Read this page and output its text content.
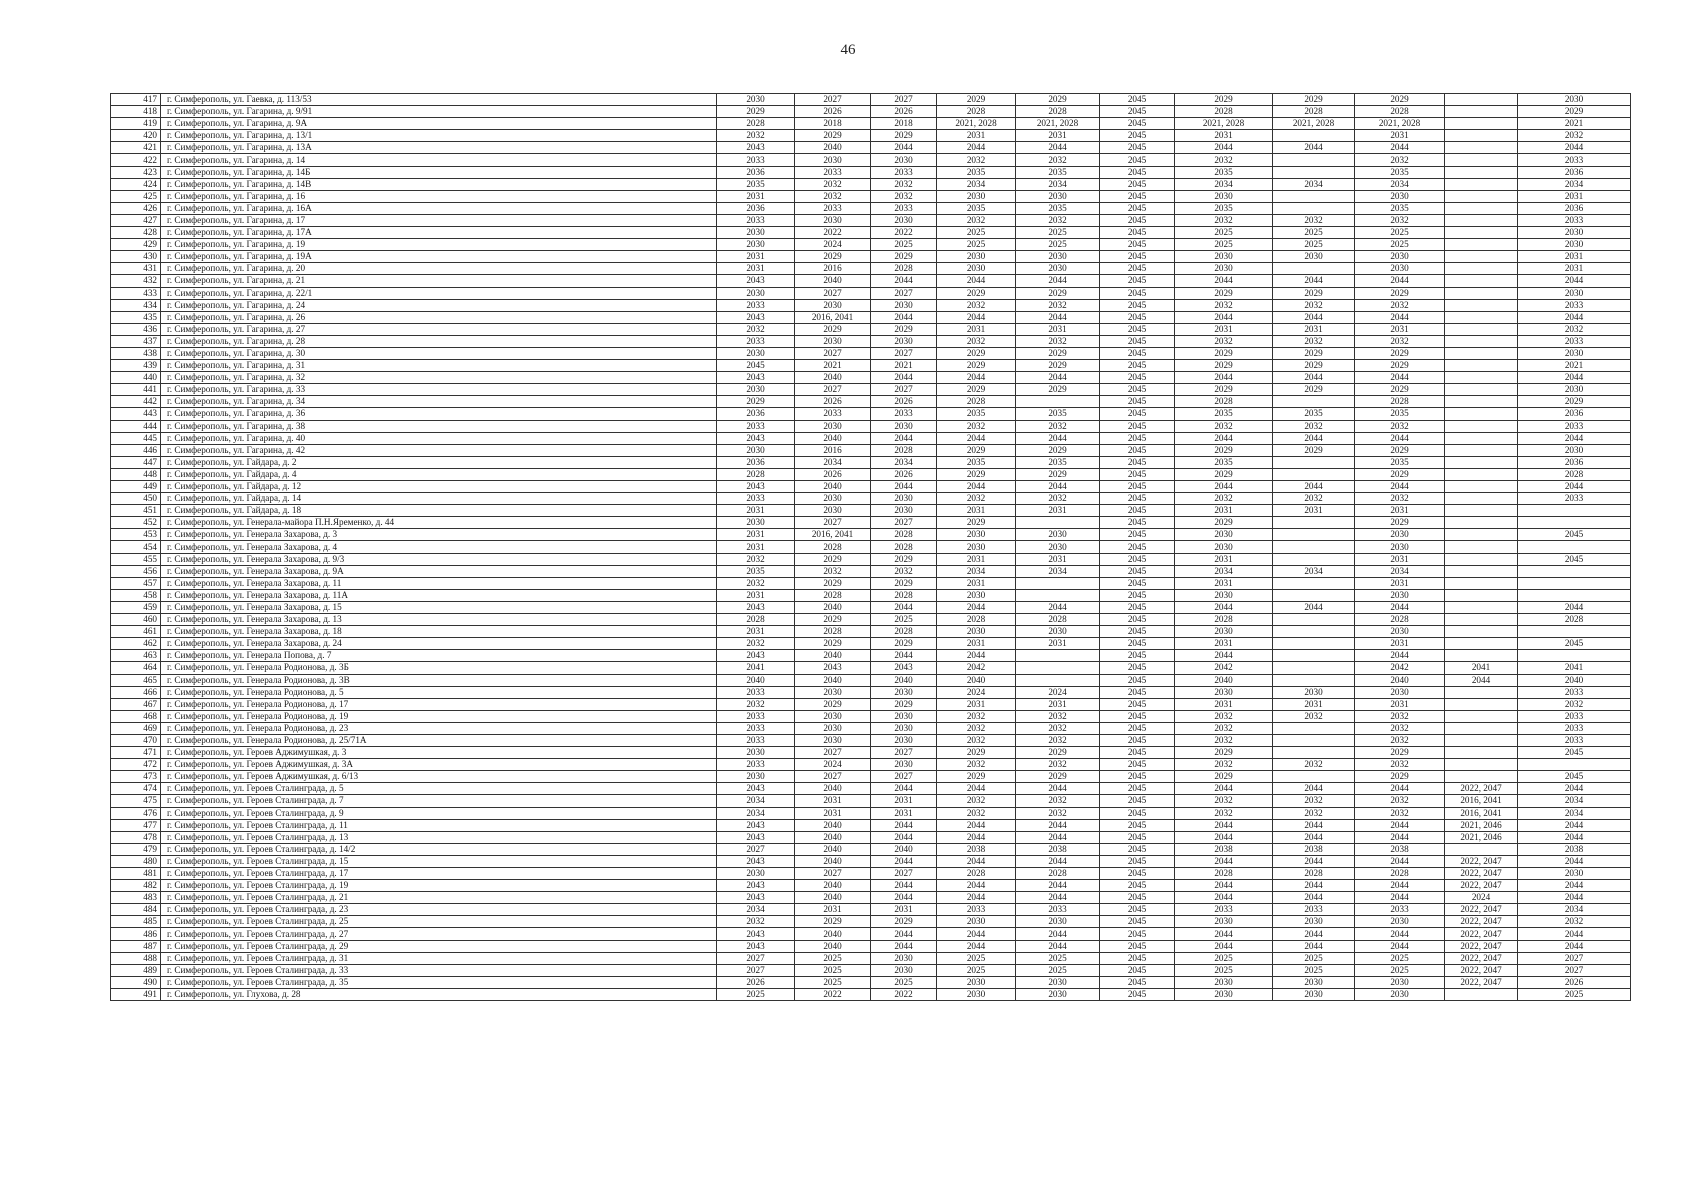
46
417	г. Симферополь, ул. Гаевка, д. 113/53	2030	2027	2027	2029	2029	2045	2029	2029	2029		2030
418	г. Симферополь, ул. Гагарина, д. 9/91	2029	2026	2026	2028	2028	2045	2028	2028	2028		2029
419	г. Симферополь, ул. Гагарина, д. 9А	2028	2018	2018	2021, 2028	2021, 2028	2045	2021, 2028	2021, 2028	2021, 2028		2021
420	г. Симферополь, ул. Гагарина, д. 13/1	2032	2029	2029	2031	2031	2045	2031		2031		2032
421	г. Симферополь, ул. Гагарина, д. 13А	2043	2040	2044	2044	2044	2045	2044	2044	2044		2044
422	г. Симферополь, ул. Гагарина, д. 14	2033	2030	2030	2032	2032	2045	2032		2032		2033
423	г. Симферополь, ул. Гагарина, д. 14Б	2036	2033	2033	2035	2035	2045	2035		2035		2036
424	г. Симферополь, ул. Гагарина, д. 14В	2035	2032	2032	2034	2034	2045	2034	2034	2034		2034
425	г. Симферополь, ул. Гагарина, д. 16	2031	2032	2032	2030	2030	2045	2030		2030		2031
426	г. Симферополь, ул. Гагарина, д. 16А	2036	2033	2033	2035	2035	2045	2035		2035		2036
427	г. Симферополь, ул. Гагарина, д. 17	2033	2030	2030	2032	2032	2045	2032	2032	2032		2033
428	г. Симферополь, ул. Гагарина, д. 17А	2030	2022	2022	2025	2025	2045	2025	2025	2025		2030
429	г. Симферополь, ул. Гагарина, д. 19	2030	2024	2025	2025	2025	2045	2025	2025	2025		2030
430	г. Симферополь, ул. Гагарина, д. 19А	2031	2029	2029	2030	2030	2045	2030	2030	2030		2031
431	г. Симферополь, ул. Гагарина, д. 20	2031	2016	2028	2030	2030	2045	2030		2030		2031
432	г. Симферополь, ул. Гагарина, д. 21	2043	2040	2044	2044	2044	2045	2044	2044	2044		2044
433	г. Симферополь, ул. Гагарина, д. 22/1	2030	2027	2027	2029	2029	2045	2029	2029	2029		2030
434	г. Симферополь, ул. Гагарина, д. 24	2033	2030	2030	2032	2032	2045	2032	2032	2032		2033
435	г. Симферополь, ул. Гагарина, д. 26	2043	2016, 2041	2044	2044	2044	2045	2044	2044	2044		2044
436	г. Симферополь, ул. Гагарина, д. 27	2032	2029	2029	2031	2031	2045	2031	2031	2031		2032
437	г. Симферополь, ул. Гагарина, д. 28	2033	2030	2030	2032	2032	2045	2032	2032	2032		2033
438	г. Симферополь, ул. Гагарина, д. 30	2030	2027	2027	2029	2029	2045	2029	2029	2029		2030
439	г. Симферополь, ул. Гагарина, д. 31	2045	2021	2021	2029	2029	2045	2029	2029	2029		2021
440	г. Симферополь, ул. Гагарина, д. 32	2043	2040	2044	2044	2044	2045	2044	2044	2044		2044
441	г. Симферополь, ул. Гагарина, д. 33	2030	2027	2027	2029	2029	2045	2029	2029	2029		2030
442	г. Симферополь, ул. Гагарина, д. 34	2029	2026	2026	2028		2045	2028		2028		2029
443	г. Симферополь, ул. Гагарина, д. 36	2036	2033	2033	2035	2035	2045	2035	2035	2035		2036
444	г. Симферополь, ул. Гагарина, д. 38	2033	2030	2030	2032	2032	2045	2032	2032	2032		2033
445	г. Симферополь, ул. Гагарина, д. 40	2043	2040	2044	2044	2044	2045	2044	2044	2044		2044
446	г. Симферополь, ул. Гагарина, д. 42	2030	2016	2028	2029	2029	2045	2029	2029	2029		2030
447	г. Симферополь, ул. Гайдара, д. 2	2036	2034	2034	2035	2035	2045	2035		2035		2036
448	г. Симферополь, ул. Гайдара, д. 4	2028	2026	2026	2029	2029	2045	2029		2029		2028
449	г. Симферополь, ул. Гайдара, д. 12	2043	2040	2044	2044	2044	2045	2044	2044	2044		2044
450	г. Симферополь, ул. Гайдара, д. 14	2033	2030	2030	2032	2032	2045	2032	2032	2032		2033
451	г. Симферополь, ул. Гайдара, д. 18	2031	2030	2030	2031	2031	2045	2031	2031	2031		
452	г. Симферополь, ул. Генерала-майора П.Н.Яременко, д. 44	2030	2027	2027	2029		2045	2029		2029		
453	г. Симферополь, ул. Генерала Захарова, д. 3	2031	2016, 2041	2028	2030	2030	2045	2030		2030		2045
454	г. Симферополь, ул. Генерала Захарова, д. 4	2031	2028	2028	2030	2030	2045	2030		2030		
455	г. Симферополь, ул. Генерала Захарова, д. 9/3	2032	2029	2029	2031	2031	2045	2031		2031		2045
456	г. Симферополь, ул. Генерала Захарова, д. 9А	2035	2032	2032	2034	2034	2045	2034	2034	2034		
457	г. Симферополь, ул. Генерала Захарова, д. 11	2032	2029	2029	2031		2045	2031		2031		
458	г. Симферополь, ул. Генерала Захарова, д. 11А	2031	2028	2028	2030		2045	2030		2030		
459	г. Симферополь, ул. Генерала Захарова, д. 15	2043	2040	2044	2044	2044	2045	2044	2044	2044		2044
460	г. Симферополь, ул. Генерала Захарова, д. 13	2028	2029	2025	2028	2028	2045	2028		2028		2028
461	г. Симферополь, ул. Генерала Захарова, д. 18	2031	2028	2028	2030	2030	2045	2030		2030		
462	г. Симферополь, ул. Генерала Захарова, д. 24	2032	2029	2029	2031	2031	2045	2031		2031		2045
463	г. Симферополь, ул. Генерала Попова, д. 7	2043	2040	2044	2044		2045	2044		2044		
464	г. Симферополь, ул. Генерала Родионова, д. 3Б	2041	2043	2043	2042		2045	2042		2042	2041	2041
465	г. Симферополь, ул. Генерала Родионова, д. 3В	2040	2040	2040	2040		2045	2040		2040	2044	2040
466	г. Симферополь, ул. Генерала Родионова, д. 5	2033	2030	2030	2024	2024	2045	2030	2030	2030		2033
467	г. Симферополь, ул. Генерала Родионова, д. 17	2032	2029	2029	2031	2031	2045	2031	2031	2031		2032
468	г. Симферополь, ул. Генерала Родионова, д. 19	2033	2030	2030	2032	2032	2045	2032	2032	2032		2033
469	г. Симферополь, ул. Генерала Родионова, д. 23	2033	2030	2030	2032	2032	2045	2032		2032		2033
470	г. Симферополь, ул. Генерала Родионова, д. 25/71А	2033	2030	2030	2032	2032	2045	2032		2032		2033
471	г. Симферополь, ул. Героев Аджимушкая, д. 3	2030	2027	2027	2029	2029	2045	2029		2029		2045
472	г. Симферополь, ул. Героев Аджимушкая, д. 3А	2033	2024	2030	2032	2032	2045	2032	2032	2032		
473	г. Симферополь, ул. Героев Аджимушкая, д. 6/13	2030	2027	2027	2029	2029	2045	2029		2029		2045
474	г. Симферополь, ул. Героев Сталинграда, д. 5	2043	2040	2044	2044	2044	2045	2044	2044	2044	2022, 2047	2044
475	г. Симферополь, ул. Героев Сталинграда, д. 7	2034	2031	2031	2032	2032	2045	2032	2032	2032	2016, 2041	2034
476	г. Симферополь, ул. Героев Сталинграда, д. 9	2034	2031	2031	2032	2032	2045	2032	2032	2032	2016, 2041	2034
477	г. Симферополь, ул. Героев Сталинграда, д. 11	2043	2040	2044	2044	2044	2045	2044	2044	2044	2021, 2046	2044
478	г. Симферополь, ул. Героев Сталинграда, д. 13	2043	2040	2044	2044	2044	2045	2044	2044	2044	2021, 2046	2044
479	г. Симферополь, ул. Героев Сталинграда, д. 14/2	2027	2040	2040	2038	2038	2045	2038	2038	2038		2038
480	г. Симферополь, ул. Героев Сталинграда, д. 15	2043	2040	2044	2044	2044	2045	2044	2044	2044	2022, 2047	2044
481	г. Симферополь, ул. Героев Сталинграда, д. 17	2030	2027	2027	2028	2028	2045	2028	2028	2028	2022, 2047	2030
482	г. Симферополь, ул. Героев Сталинграда, д. 19	2043	2040	2044	2044	2044	2045	2044	2044	2044	2022, 2047	2044
483	г. Симферополь, ул. Героев Сталинграда, д. 21	2043	2040	2044	2044	2044	2045	2044	2044	2044	2024	2044
484	г. Симферополь, ул. Героев Сталинграда, д. 23	2034	2031	2031	2033	2033	2045	2033	2033	2033	2022, 2047	2034
485	г. Симферополь, ул. Героев Сталинграда, д. 25	2032	2029	2029	2030	2030	2045	2030	2030	2030	2022, 2047	2032
486	г. Симферополь, ул. Героев Сталинграда, д. 27	2043	2040	2044	2044	2044	2045	2044	2044	2044	2022, 2047	2044
487	г. Симферополь, ул. Героев Сталинграда, д. 29	2043	2040	2044	2044	2044	2045	2044	2044	2044	2022, 2047	2044
488	г. Симферополь, ул. Героев Сталинграда, д. 31	2027	2025	2030	2025	2025	2045	2025	2025	2025	2022, 2047	2027
489	г. Симферополь, ул. Героев Сталинграда, д. 33	2027	2025	2030	2025	2025	2045	2025	2025	2025	2022, 2047	2027
490	г. Симферополь, ул. Героев Сталинграда, д. 35	2026	2025	2025	2030	2030	2045	2030	2030	2030	2022, 2047	2026
491	г. Симферополь, ул. Глухова, д. 28	2025	2022	2022	2030	2030	2045	2030	2030	2030		2025
